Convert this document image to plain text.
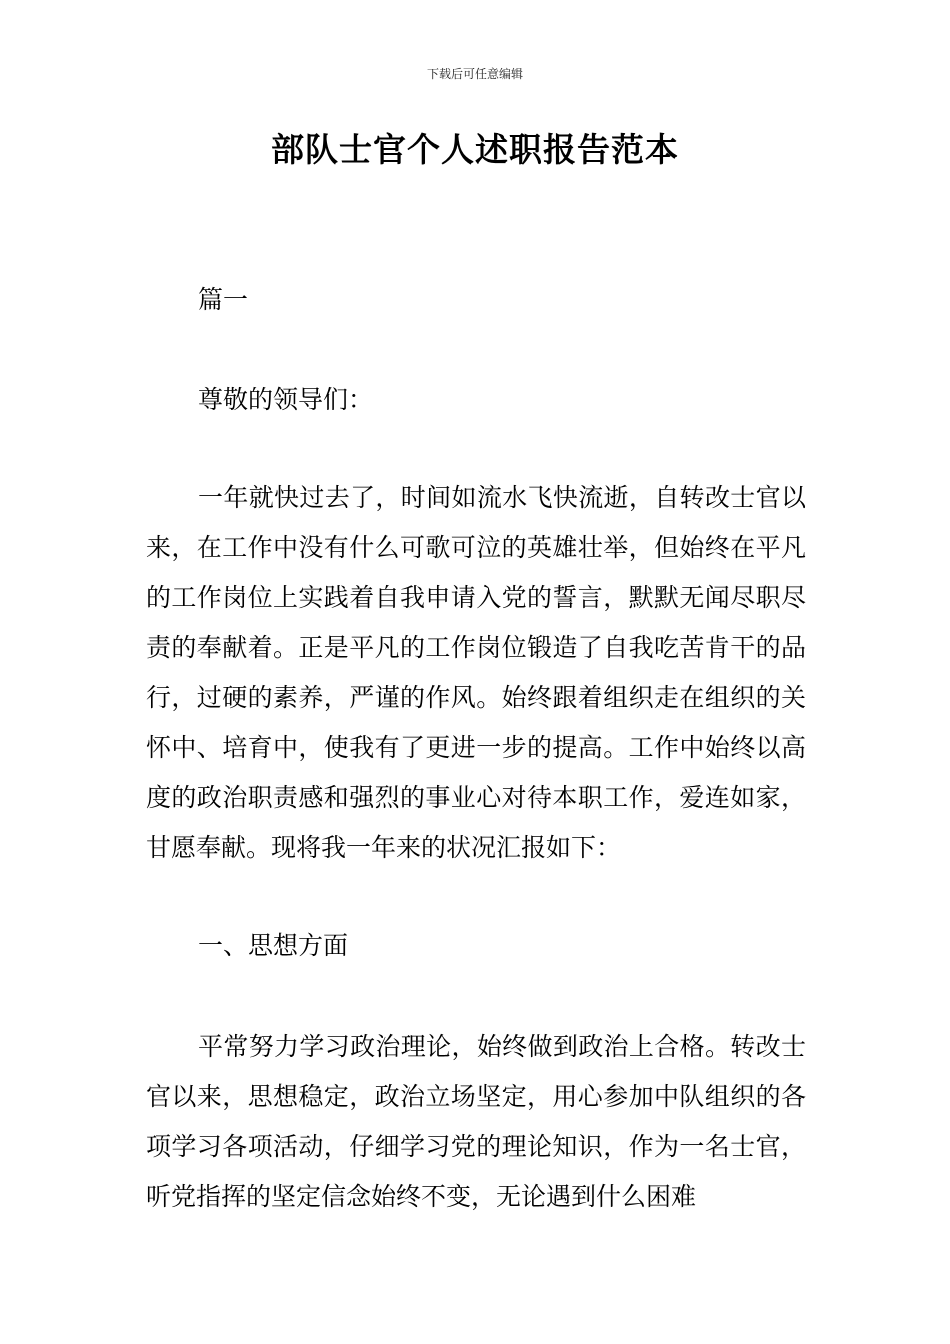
下载后可任意编辑
部队士官个人述职报告范本
篇一
尊敬的领导们：

一年就快过去了，时间如流水飞快流逝，自转改士官以来，在工作中没有什么可歌可泣的英雄壮举，但始终在平凡的工作岗位上实践着自我申请入党的誓言，默默无闻尽职尽责的奉献着。正是平凡的工作岗位锻造了自我吃苦肯干的品行，过硬的素养，严谨的作风。始终跟着组织走在组织的关怀中、培育中，使我有了更进一步的提高。工作中始终以高度的政治职责感和强烈的事业心对待本职工作，爱连如家，甘愿奉献。现将我一年来的状况汇报如下：

一、思想方面

平常努力学习政治理论，始终做到政治上合格。转改士官以来，思想稳定，政治立场坚定，用心参加中队组织的各项学习各项活动，仔细学习党的理论知识，作为一名士官，听党指挥的坚定信念始终不变，无论遇到什么困难
